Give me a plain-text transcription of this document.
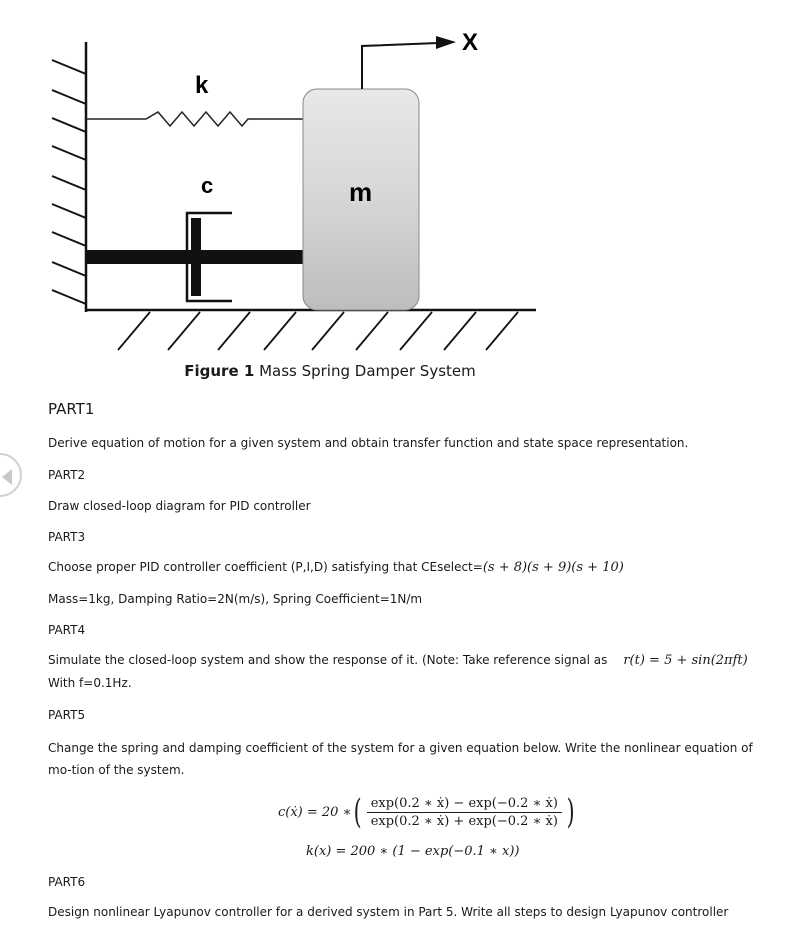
X
k
c	m
Figure 1 Mass Spring Damper System
PART1
Derive equation of motion for a given system and obtain transfer function and state space representation.
PART2
Draw closed-loop diagram for PID controller
PART3
Choose proper PID controller coefficient (P,I,D) satisfying that CEselect=(s + 8)(s + 9)(s + 10)
Mass=1kg, Damping Ratio=2N(m/s), Spring Coefficient=1N/m
PART4
Simulate the closed-loop system and show the response of it. (Note: Take reference signal as r(t) = 5 + sin(2πft)
With f=0.1Hz.
PART5
Change the spring and damping coefficient of the system for a given equation below. Write the nonlinear equation of mo-tion of the system.
c(ẋ) = 20 ∗ ( $\frac{\text{exp(0.2 ∗ ẋ) − exp(−0.2 ∗ ẋ)}}{\text{exp(0.2 ∗ ẋ) + exp(−0.2 ∗ ẋ)}}$ )
k(x) = 200 ∗ (1 − exp(−0.1 ∗ x))
PART6
Design nonlinear Lyapunov controller for a derived system in Part 5. Write all steps to design Lyapunov controller
